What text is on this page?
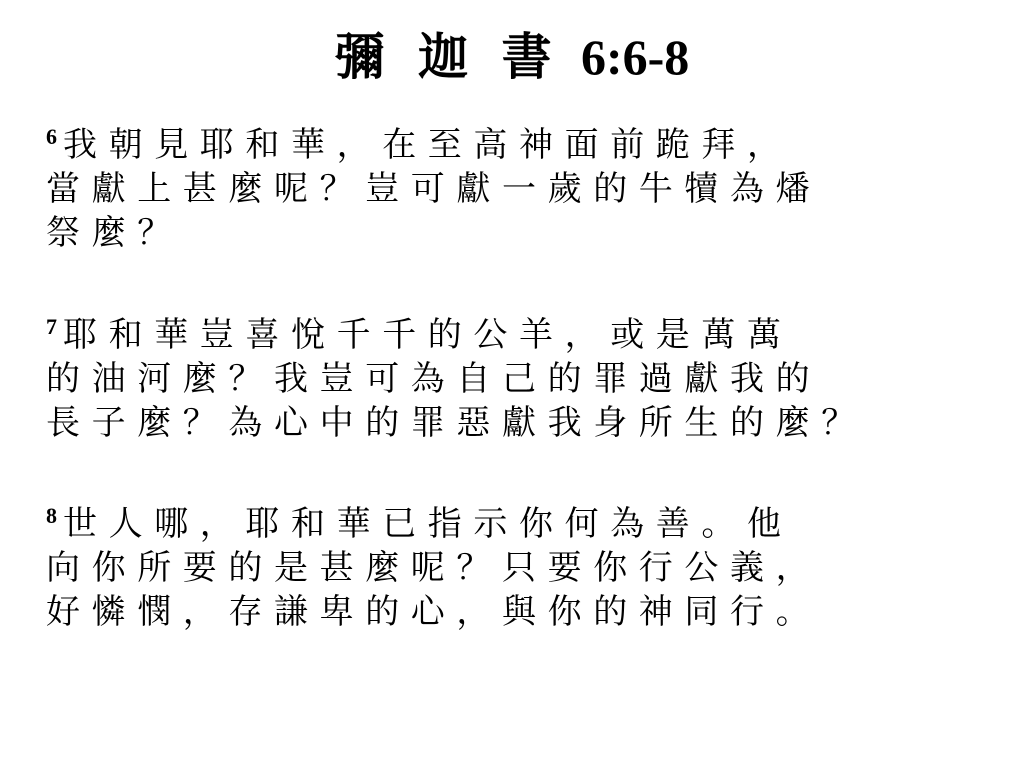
彌 迦 書 6:6-8
$^6$ 我朝見耶和華，在至高神面前跪拜，
當獻上甚麼呢？豈可獻一歲的牛犢為燔
祭麼？
$^7$ 耶和華豈喜悅千千的公羊，或是萬萬
的油河麼？我豈可為自己的罪過獻我的
長子麼？為心中的罪惡獻我身所生的麼？
$^8$ 世人哪，耶和華已指示你何為善。他
向你所要的是甚麼呢？只要你行公義，
好憐憫，存謙卑的心，與你的神同行。
